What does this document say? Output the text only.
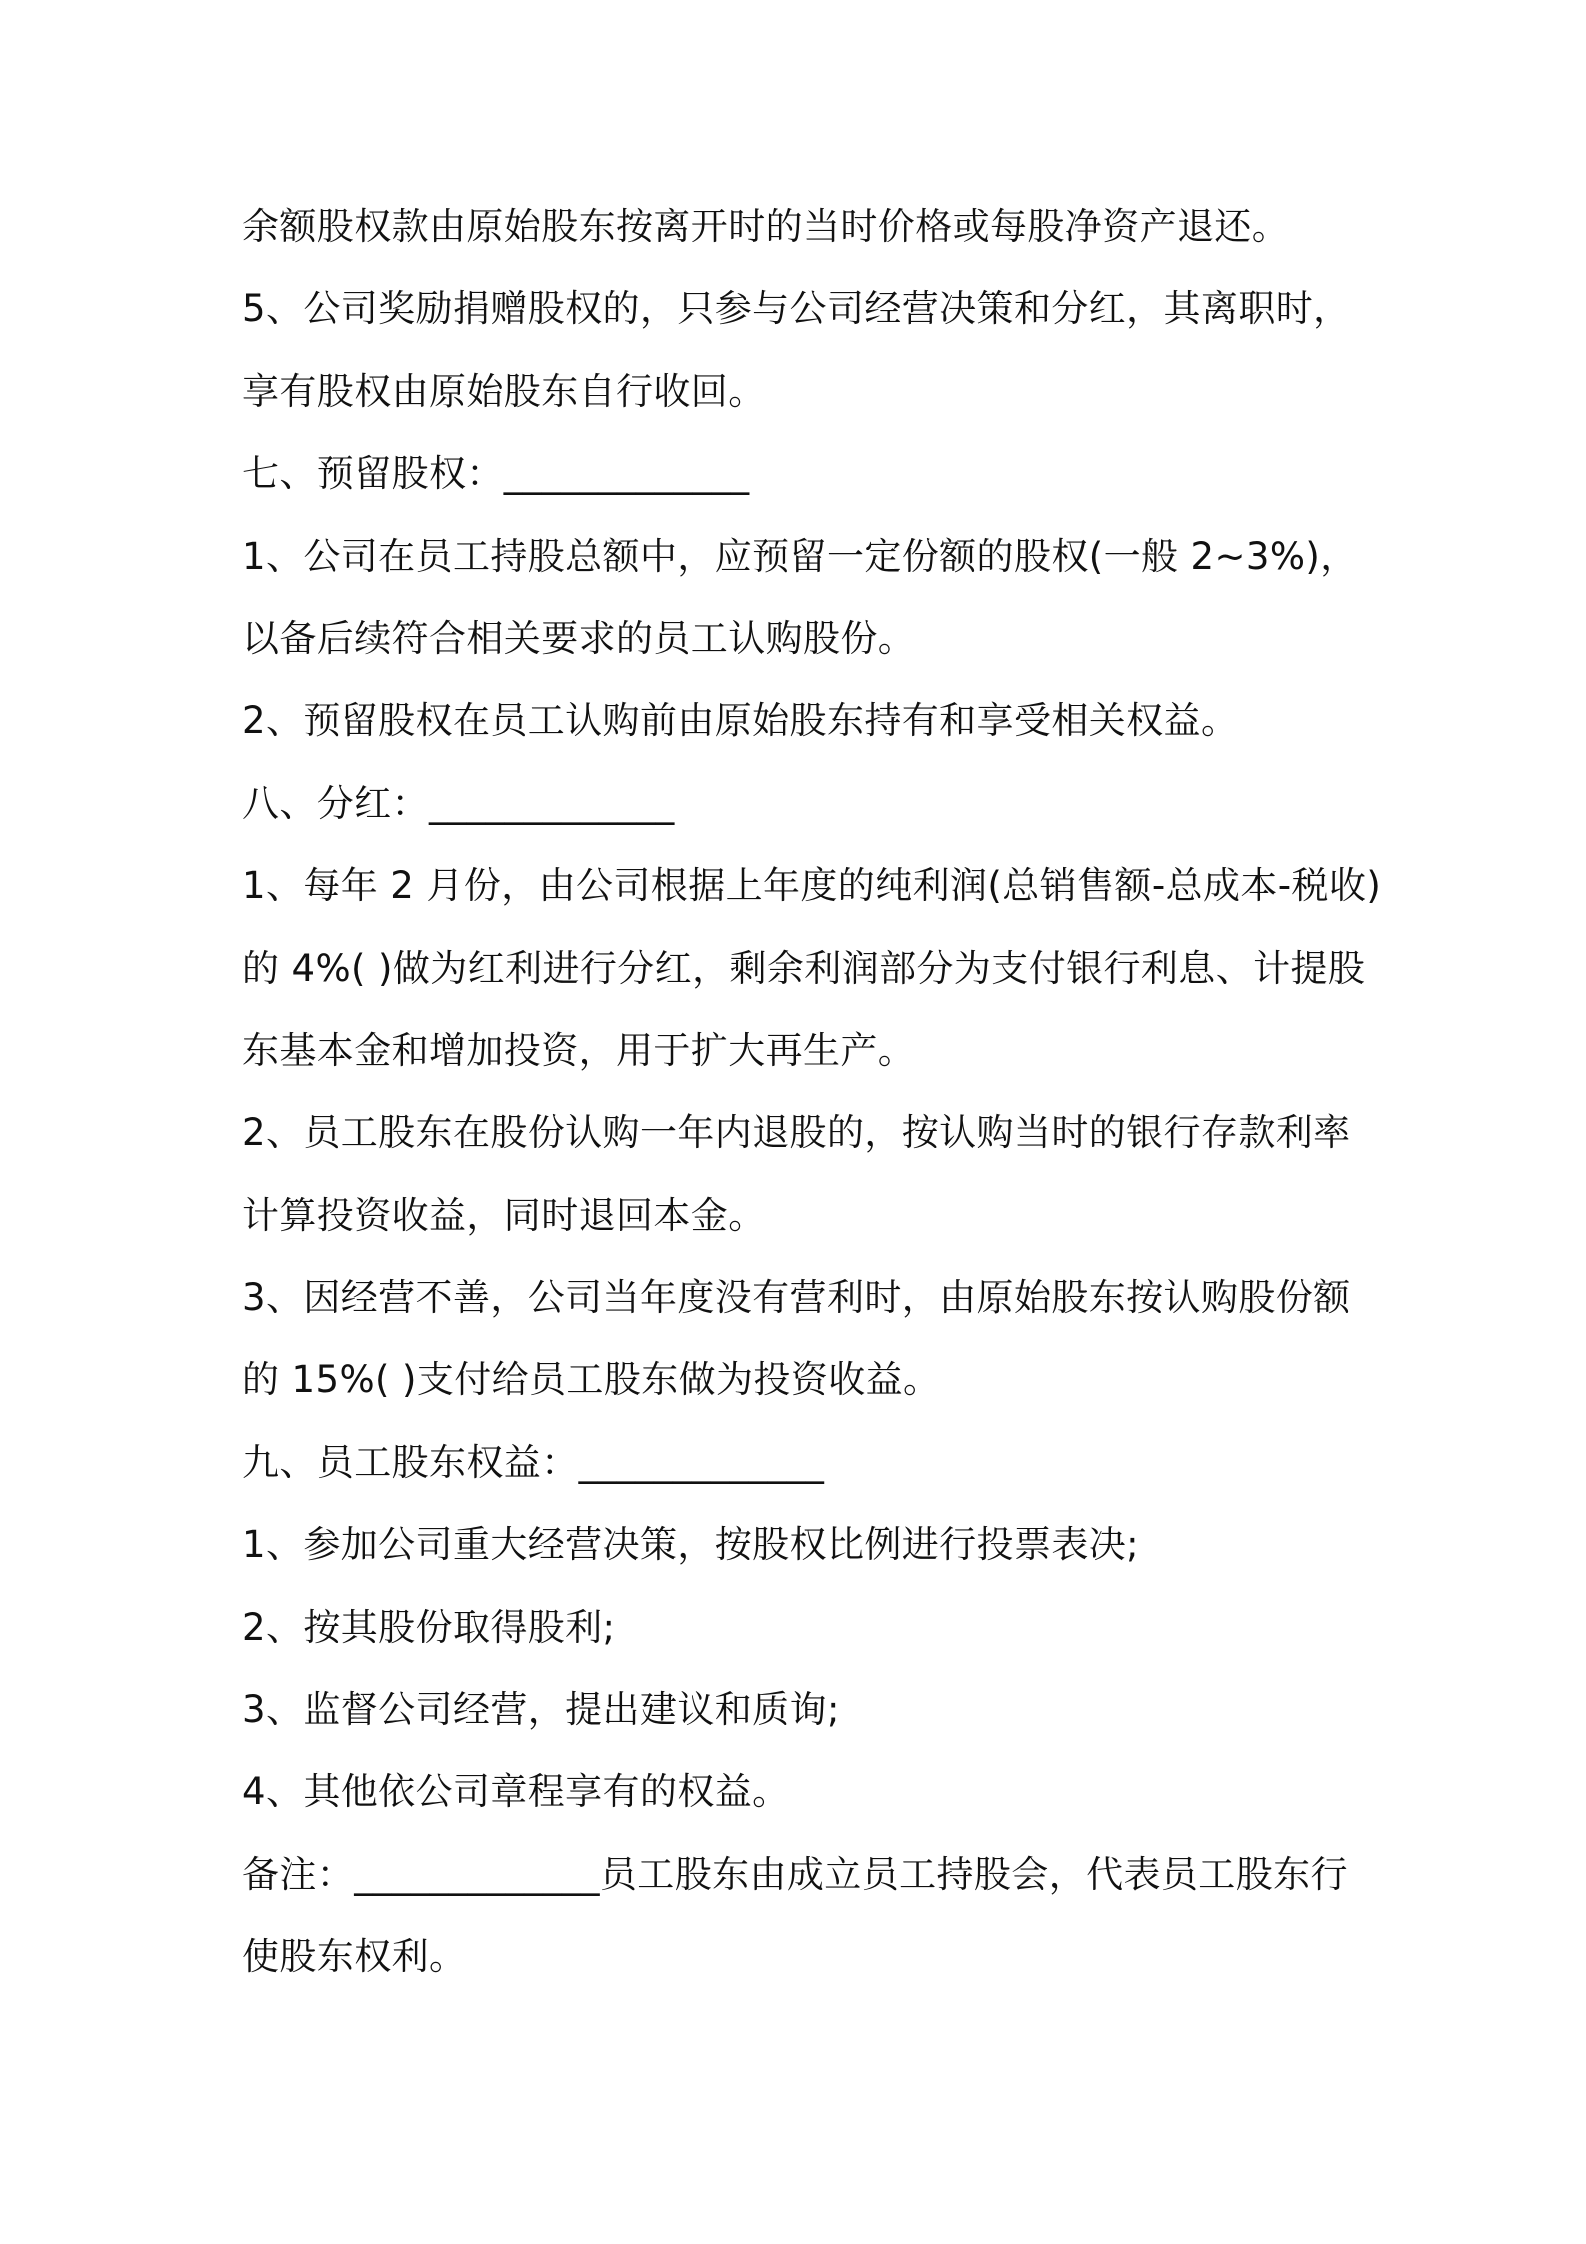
余额股权款由原始股东按离开时的当时价格或每股净资产退还。
5、公司奖励捐赠股权的，只参与公司经营决策和分红，其离职时，
享有股权由原始股东自行收回。
七、预留股权：_____________
1、公司在员工持股总额中，应预留一定份额的股权(一般 2~3%)，
以备后续符合相关要求的员工认购股份。
2、预留股权在员工认购前由原始股东持有和享受相关权益。
八、分红：_____________
1、每年 2 月份，由公司根据上年度的纯利润(总销售额-总成本-税收)
的 4%( )做为红利进行分红，剩余利润部分为支付银行利息、计提股
东基本金和增加投资，用于扩大再生产。
2、员工股东在股份认购一年内退股的，按认购当时的银行存款利率
计算投资收益，同时退回本金。
3、因经营不善，公司当年度没有营利时，由原始股东按认购股份额
的 15%( )支付给员工股东做为投资收益。
九、员工股东权益：_____________
1、参加公司重大经营决策，按股权比例进行投票表决;
2、按其股份取得股利;
3、监督公司经营，提出建议和质询;
4、其他依公司章程享有的权益。
备注：_____________员工股东由成立员工持股会，代表员工股东行
使股东权利。
